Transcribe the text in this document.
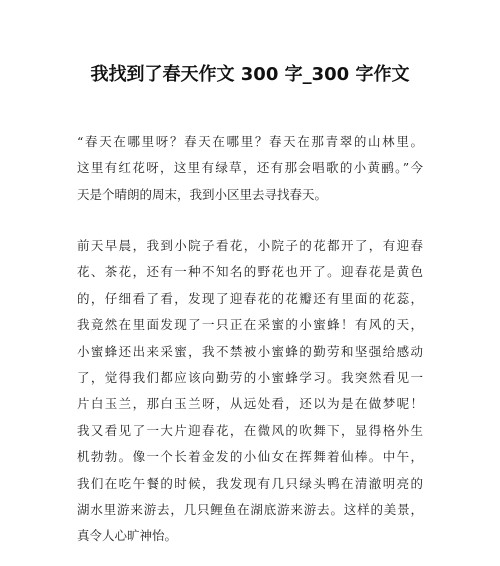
我找到了春天作文 300 字_300 字作文
“春天在哪里呀？春天在哪里？春天在那青翠的山林里。
这里有红花呀，这里有绿草，还有那会唱歌的小黄鹂。”今
天是个晴朗的周末，我到小区里去寻找春天。
前天早晨，我到小院子看花，小院子的花都开了，有迎春
花、茶花，还有一种不知名的野花也开了。迎春花是黄色
的，仔细看了看，发现了迎春花的花瓣还有里面的花蕊，
我竟然在里面发现了一只正在采蜜的小蜜蜂！有风的天，
小蜜蜂还出来采蜜，我不禁被小蜜蜂的勤劳和坚强给感动
了，觉得我们都应该向勤劳的小蜜蜂学习。我突然看见一
片白玉兰，那白玉兰呀，从远处看，还以为是在做梦呢！
我又看见了一大片迎春花，在微风的吹舞下，显得格外生
机勃勃。像一个长着金发的小仙女在挥舞着仙棒。中午，
我们在吃午餐的时候，我发现有几只绿头鸭在清澈明亮的
湖水里游来游去，几只鲤鱼在湖底游来游去。这样的美景，
真令人心旷神怡。
